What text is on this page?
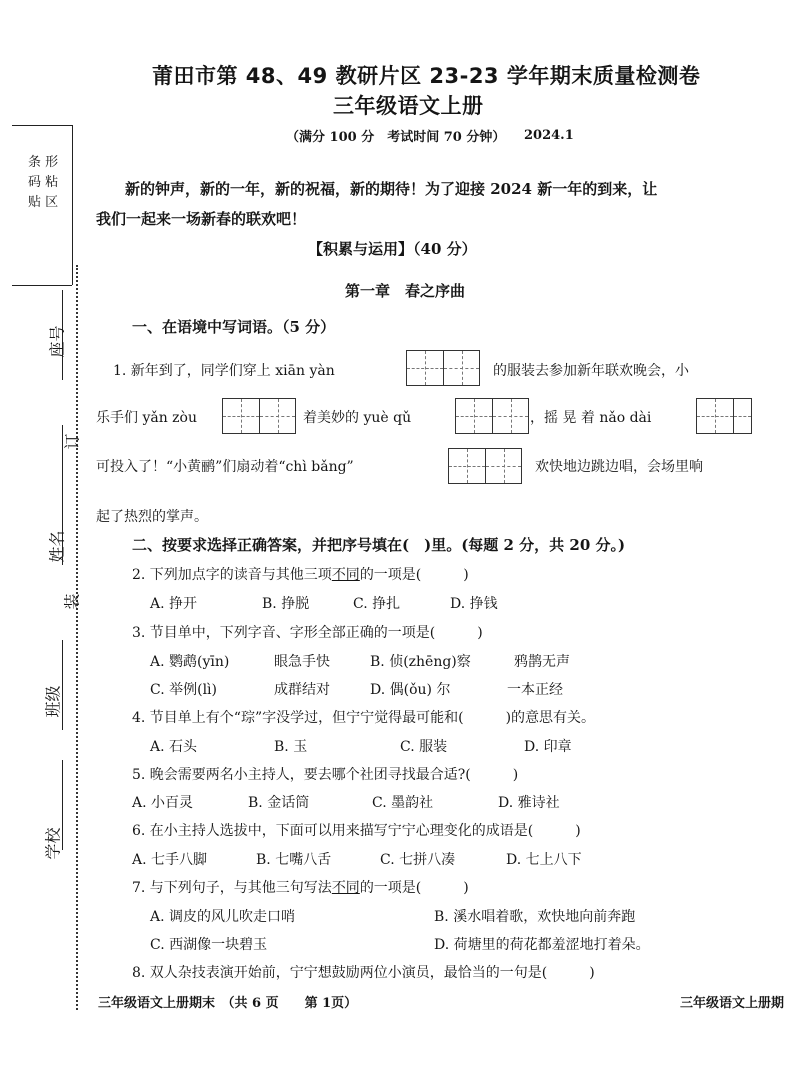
莆田市第 48、49 教研片区 23-23 学年期末质量检测卷
三年级语文上册
（满分 100 分　考试时间 70 分钟） 2024.1
条 形
码 粘
贴 区
座号
订
姓名
装
班级
学校
新的钟声，新的一年，新的祝福，新的期待！为了迎接 2024 新一年的到来，让
我们一起来一场新春的联欢吧！
【积累与运用】（40 分）
第一章　春之序曲
一、在语境中写词语。（5 分）
1. 新年到了，同学们穿上 xiān yàn	的服装去参加新年联欢晚会，小
乐手们 yǎn zòu	着美妙的 yuè qǔ	，摇 晃 着 nǎo dài
可投入了！“小黄鹂”们扇动着“chì bǎng”	欢快地边跳边唱，会场里响
起了热烈的掌声。
二、按要求选择正确答案，并把序号填在(　)里。(每题 2 分，共 20 分。)
2. 下列加点字的读音与其他三项不同的一项是(　　　)
A. 挣开	B. 挣脱	C. 挣扎	D. 挣钱
3. 节目单中，下列字音、字形全部正确的一项是(　　　)
A. 鹦鹉(yīn)	眼急手快	B. 侦(zhēng)察	鸦鹊无声
C. 举例(lì)	成群结对	D. 偶(ǒu) 尔	一本正经
4. 节目单上有个“琮”字没学过，但宁宁觉得最可能和(　　　)的意思有关。
A. 石头	B. 玉	C. 服装	D. 印章
5. 晚会需要两名小主持人，要去哪个社团寻找最合适?(　　　)
A. 小百灵	B. 金话筒	C. 墨韵社	D. 雅诗社
6. 在小主持人选拔中，下面可以用来描写宁宁心理变化的成语是(　　　)
A. 七手八脚	B. 七嘴八舌	C. 七拼八凑	D. 七上八下
7. 与下列句子，与其他三句写法不同的一项是(　　　)
A. 调皮的风儿吹走口哨	B. 溪水唱着歌，欢快地向前奔跑
C. 西湖像一块碧玉	D. 荷塘里的荷花都羞涩地打着朵。
8. 双人杂技表演开始前，宁宁想鼓励两位小演员，最恰当的一句是(　　　)
三年级语文上册期末　（共 6 页　　第 1页）	三年级语文上册期
